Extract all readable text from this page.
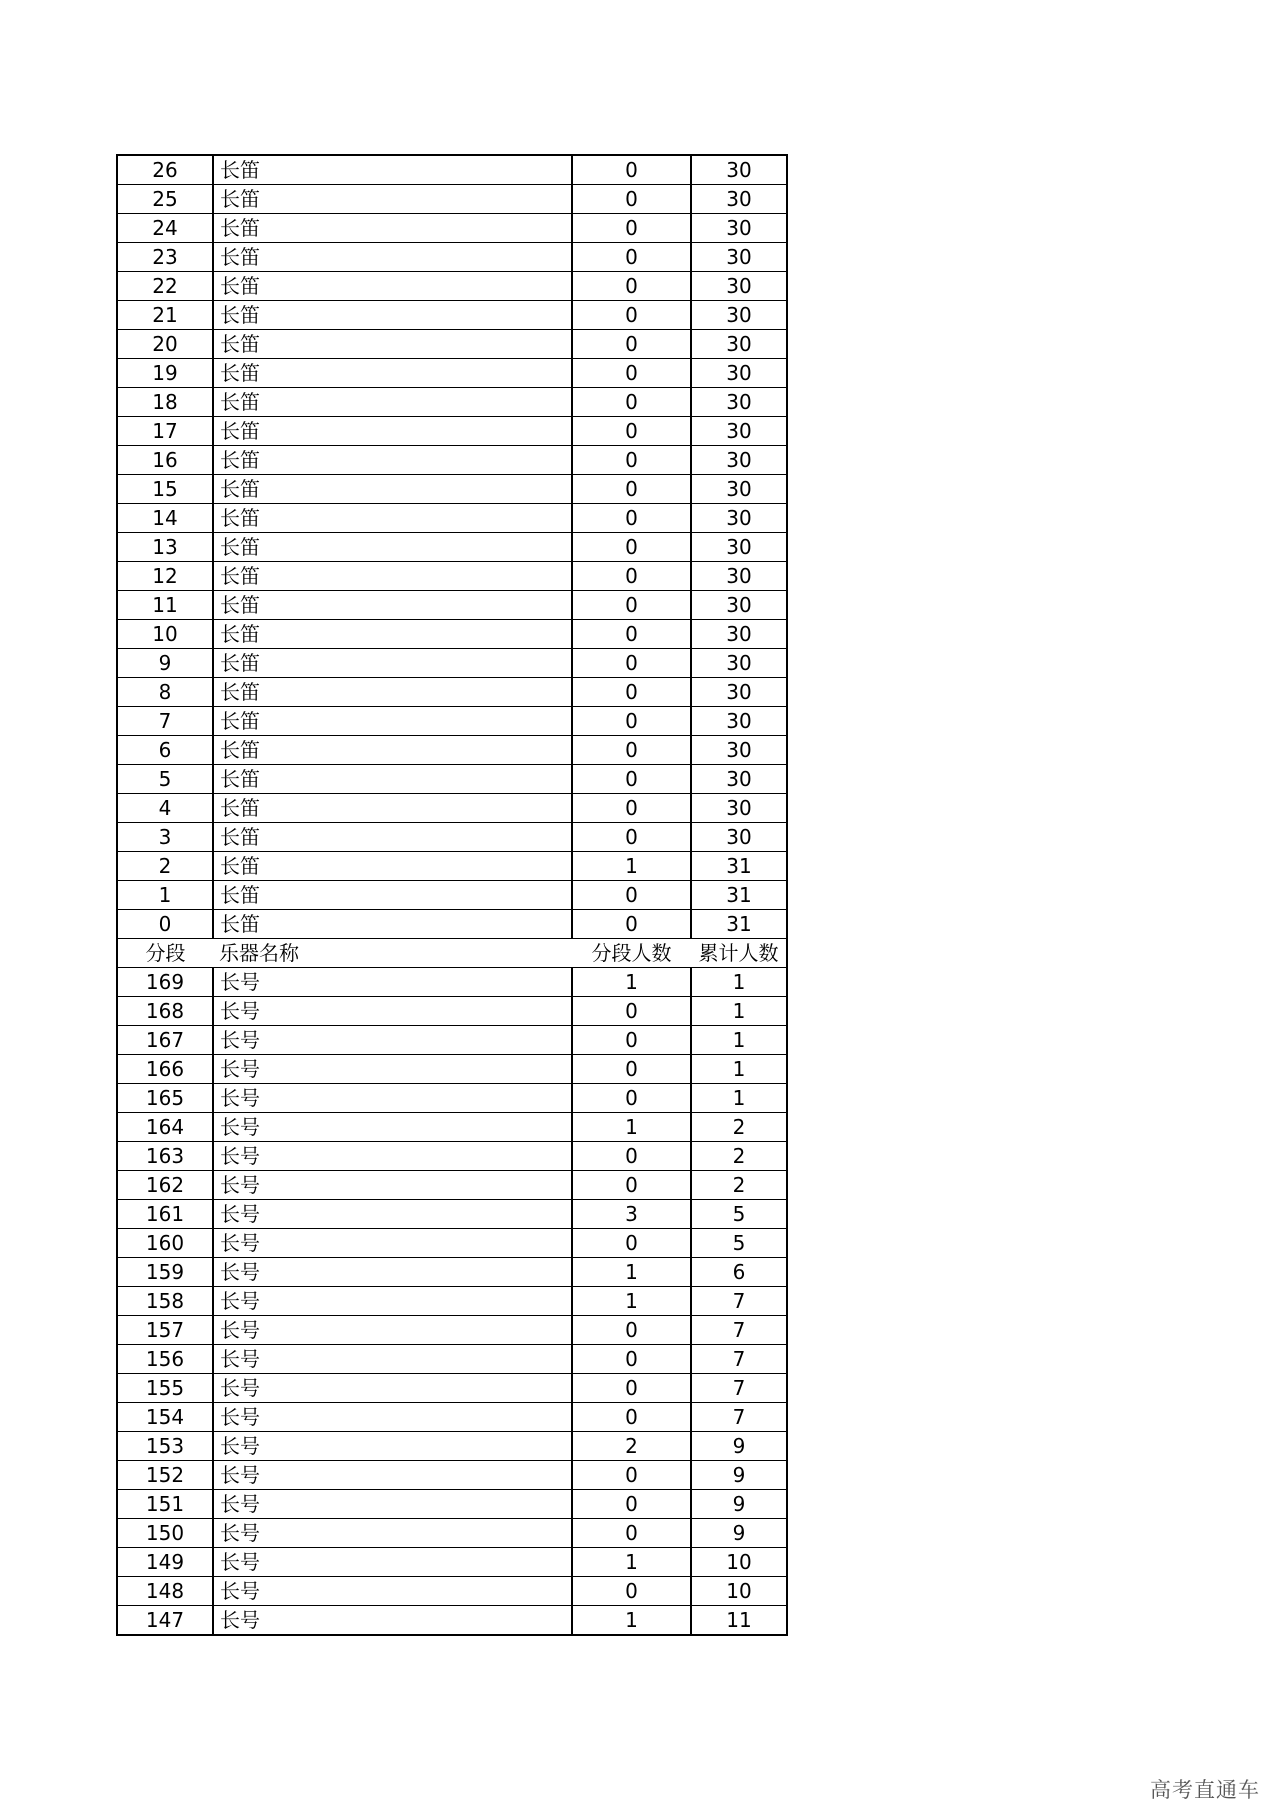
26	长笛	0	30
25	长笛	0	30
24	长笛	0	30
23	长笛	0	30
22	长笛	0	30
21	长笛	0	30
20	长笛	0	30
19	长笛	0	30
18	长笛	0	30
17	长笛	0	30
16	长笛	0	30
15	长笛	0	30
14	长笛	0	30
13	长笛	0	30
12	长笛	0	30
11	长笛	0	30
10	长笛	0	30
9	长笛	0	30
8	长笛	0	30
7	长笛	0	30
6	长笛	0	30
5	长笛	0	30
4	长笛	0	30
3	长笛	0	30
2	长笛	1	31
1	长笛	0	31
0	长笛	0	31
分段	乐器名称	分段人数	累计人数
169	长号	1	1
168	长号	0	1
167	长号	0	1
166	长号	0	1
165	长号	0	1
164	长号	1	2
163	长号	0	2
162	长号	0	2
161	长号	3	5
160	长号	0	5
159	长号	1	6
158	长号	1	7
157	长号	0	7
156	长号	0	7
155	长号	0	7
154	长号	0	7
153	长号	2	9
152	长号	0	9
151	长号	0	9
150	长号	0	9
149	长号	1	10
148	长号	0	10
147	长号	1	11
高考直通车
